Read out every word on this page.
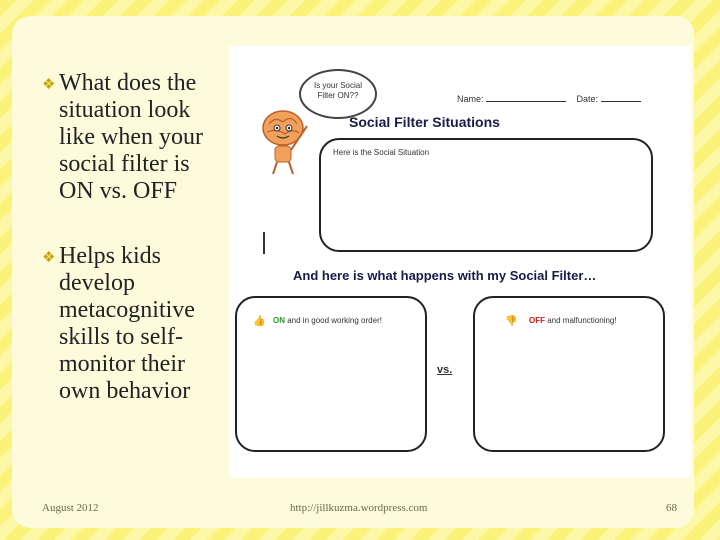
❖ What does the situation look like when your social filter is ON vs. OFF
❖ Helps kids develop metacognitive skills to self-monitor their own behavior
Is your Social Filter ON??	Name:	Date:
Social Filter Situations
Here is the Social Situation
And here is what happens with my Social Filter…
👍 ON and in good working order!
vs.
👎 OFF and malfunctioning!
August 2012	http://jillkuzma.wordpress.com	68
